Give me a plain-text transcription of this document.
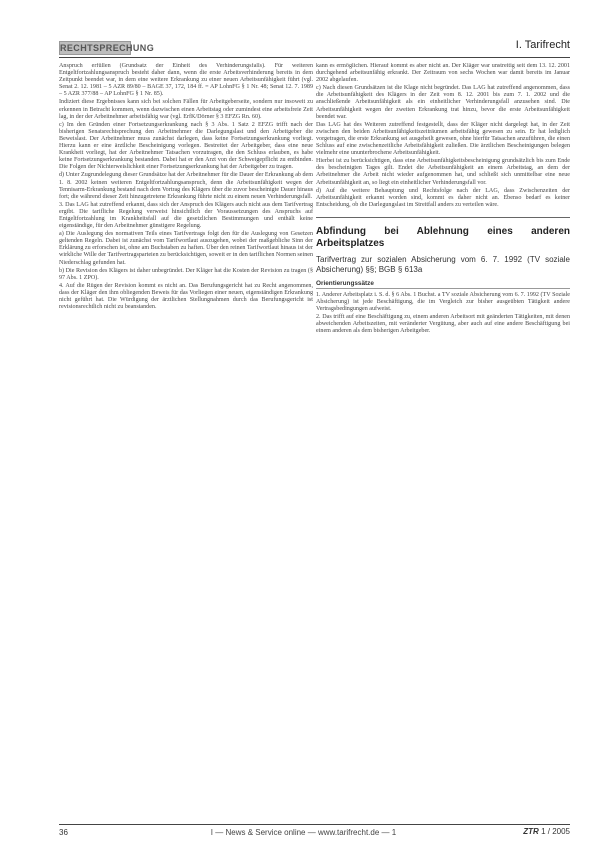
RECHTSPRECHUNG	I. Tarifrecht

Anspruch erfüllen (Grundsatz der Einheit des Verhinderungsfalls). Für weiteren Entgeltfortzahlungsanspruch besteht daher dann, wenn die erste Arbeitsverhinderung bereits in dem Zeitpunkt beendet war, in dem eine weitere Erkrankung zu einer neuen Arbeitsunfähigkeit führt (vgl. Senat 2. 12. 1981 – 5 AZR 89/80 – BAGE 37, 172, 184 ff. = AP LohnFG § 1 Nr. 48; Senat 12. 7. 1989 – 5 AZR 377/88 – AP LohnFG § 1 Nr. 85).

Indiziert diese Ergebnisses kann sich bei solchen Fällen für Arbeitgeberseite, sondern nur insoweit zu erkennen in Betracht kommen, wenn dazwischen einen Arbeitstag oder zumindest eine arbeitsfreie Zeit lag, in der der Arbeitnehmer arbeitsfähig war (vgl. ErfK/Dörner § 3 EFZG Rn. 60).

c) Im den Gründen einer Fortsetzungserkrankung nach § 3 Abs. 1 Satz 2 EFZG trifft nach der bisherigen Senatsrechtsprechung den Arbeitnehmer die Darlegungslast und den Arbeitgeber die Beweislast. Der Arbeitnehmer muss zunächst darlegen, dass keine Fortsetzungserkrankung vorliegt. Hierzu kann er eine ärztliche Bescheinigung vorlegen. Bestreitet der Arbeitgeber, dass eine neue Krankheit vorliegt, hat der Arbeitnehmer Tatsachen vorzutragen, die den Schluss erlauben, es habe keine Fortsetzungserkrankung bestanden. Dabei hat er den Arzt von der Schweigepflicht zu entbinden. Die Folgen der Nichterweislichkeit einer Fortsetzungserkrankung hat der Arbeitgeber zu tragen.

d) Unter Zugrundelegung dieser Grundsätze hat der Arbeitnehmer für die Dauer der Erkrankung ab dem 1. 8. 2002 keinen weiteren Entgeltfortzahlungsanspruch, denn die Arbeitsunfähigkeit wegen der Tennisarm-Erkrankung bestand nach dem Vortrag des Klägers über die zuvor bescheinigte Dauer hinaus fort; die während dieser Zeit hinzugetretene Erkrankung führte nicht zu einem neuen Verhinderungsfall.

3. Das LAG hat zutreffend erkannt, dass sich der Anspruch des Klägers auch nicht aus dem Tarifvertrag ergibt. Die tarifliche Regelung verweist hinsichtlich der Voraussetzungen des Anspruchs auf Entgeltfortzahlung im Krankheitsfall auf die gesetzlichen Bestimmungen und enthält keine eigenständige, für den Arbeitnehmer günstigere Regelung.

a) Die Auslegung des normativen Teils eines Tarifvertrags folgt den für die Auslegung von Gesetzen geltenden Regeln. Dabei ist zunächst vom Tarifwortlaut auszugehen, wobei der maßgebliche Sinn der Erklärung zu erforschen ist, ohne am Buchstaben zu haften. Über den reinen Tarifwortlaut hinaus ist der wirkliche Wille der Tarifvertragsparteien zu berücksichtigen, soweit er in den tariflichen Normen seinen Niederschlag gefunden hat.

b) Die Revision des Klägers ist daher unbegründet. Der Kläger hat die Kosten der Revision zu tragen (§ 97 Abs. 1 ZPO).

4. Auf die Rügen der Revision kommt es nicht an. Das Berufungsgericht hat zu Recht angenommen, dass der Kläger den ihm obliegenden Beweis für das Vorliegen einer neuen, eigenständigen Erkrankung nicht geführt hat. Die Würdigung der ärztlichen Stellungnahmen durch das Berufungsgericht ist revisionsrechtlich nicht zu beanstanden.

kann es ermöglichen. Hierauf kommt es aber nicht an. Der Kläger war unstreitig seit dem 13. 12. 2001 durchgehend arbeitsunfähig erkrankt. Der Zeitraum von sechs Wochen war damit bereits im Januar 2002 abgelaufen.

c) Nach diesen Grundsätzen ist die Klage nicht begründet. Das LAG hat zutreffend angenommen, dass die Arbeitsunfähigkeit des Klägers in der Zeit vom 8. 12. 2001 bis zum 7. 1. 2002 und die anschließende Arbeitsunfähigkeit als ein einheitlicher Verhinderungsfall anzusehen sind. Die Arbeitsunfähigkeit wegen der zweiten Erkrankung trat hinzu, bevor die erste Arbeitsunfähigkeit beendet war.

Das LAG hat des Weiteren zutreffend festgestellt, dass der Kläger nicht dargelegt hat, in der Zeit zwischen den beiden Arbeitsunfähigkeitszeiträumen arbeitsfähig gewesen zu sein. Er hat lediglich vorgetragen, die erste Erkrankung sei ausgeheilt gewesen, ohne hierfür Tatsachen anzuführen, die einen Schluss auf eine zwischenzeitliche Arbeitsfähigkeit zuließen. Die ärztlichen Bescheinigungen belegen vielmehr eine ununterbrochene Arbeitsunfähigkeit.

Hierbei ist zu berücksichtigen, dass eine Arbeitsunfähigkeitsbescheinigung grundsätzlich bis zum Ende des bescheinigten Tages gilt. Endet die Arbeitsunfähigkeit an einem Arbeitstag, an dem der Arbeitnehmer die Arbeit nicht wieder aufgenommen hat, und schließt sich unmittelbar eine neue Arbeitsunfähigkeit an, so liegt ein einheitlicher Verhinderungsfall vor.

d) Auf die weitere Behauptung und Rechtsfolge nach der LAG, dass Zwischenzeiten der Arbeitsunfähigkeit erkannt worden sind, kommt es daher nicht an. Ebenso bedarf es keiner Entscheidung, ob die Darlegungslast im Streitfall anders zu verteilen wäre.

Abfindung bei Ablehnung eines anderen Arbeitsplatzes
Tarifvertrag zur sozialen Absicherung vom 6. 7. 1992 (TV soziale Absicherung) §§; BGB § 613a
Orientierungssätze

1. Anderer Arbeitsplatz i. S. d. § 6 Abs. 1 Buchst. a TV soziale Absicherung vom 6. 7. 1992 (TV Soziale Absicherung) ist jede Beschäftigung, die im Vergleich zur bisher ausgeübten Tätigkeit andere Vertragsbedingungen aufweist.

2. Das trifft auf eine Beschäftigung zu, einem anderen Arbeitsort mit geänderten Tätigkeiten, mit denen abweichenden Arbeitszeiten, mit veränderter Vergütung, aber auch auf eine andere Beschäftigung bei einem anderen als dem bisherigen Arbeitgeber.

36	I — News & Service online — www.tarifrecht.de — 1	ZTR 1 / 2005
